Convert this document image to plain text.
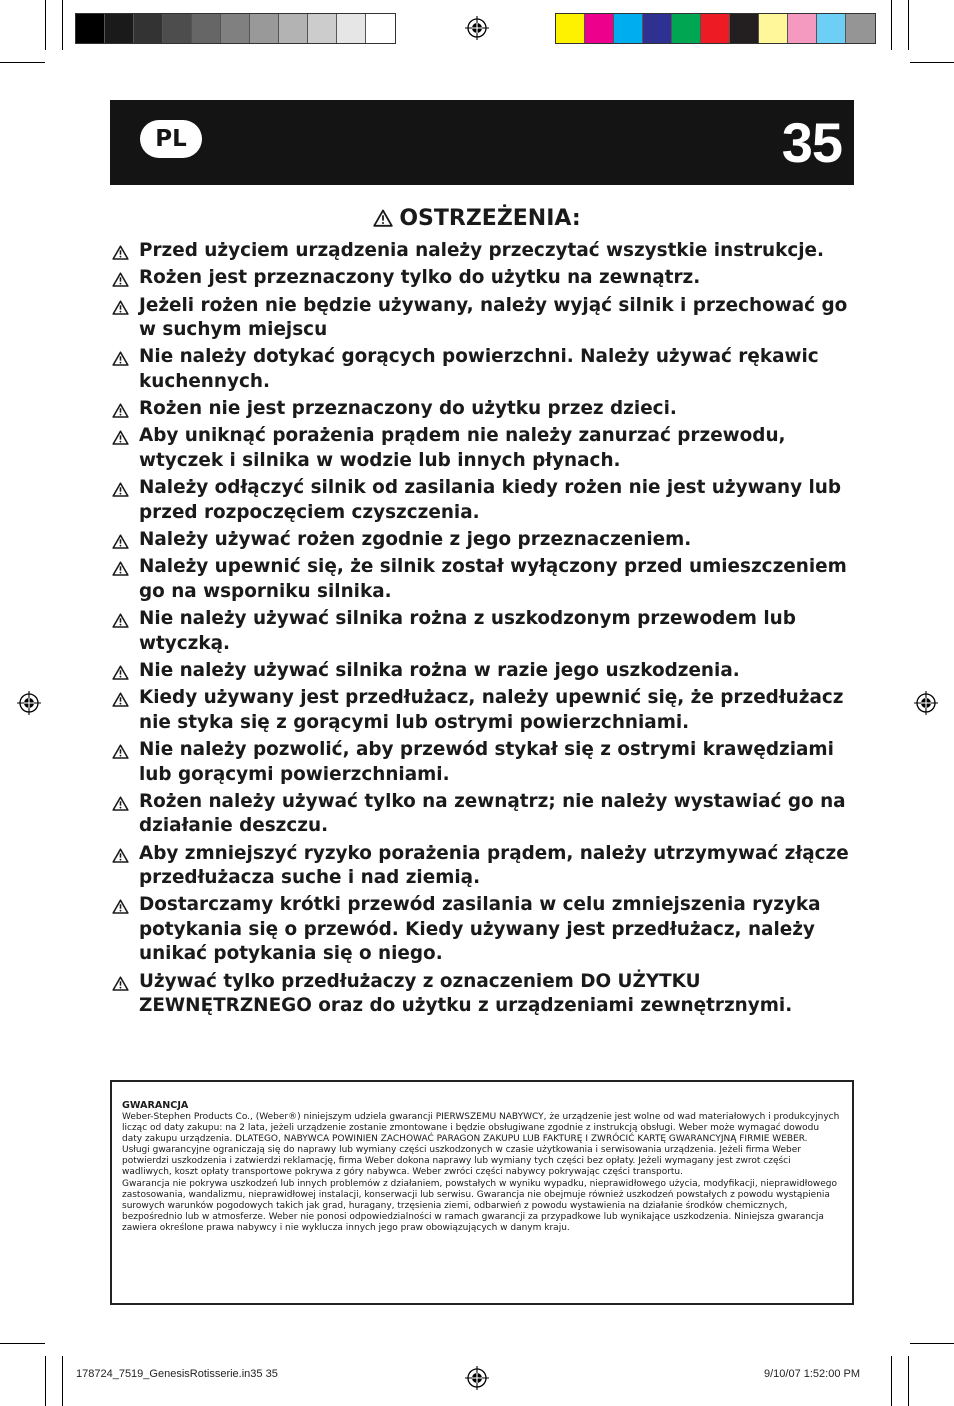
PL	35
OSTRZEŻENIA:
Przed użyciem urządzenia należy przeczytać wszystkie instrukcje.
Rożen jest przeznaczony tylko do użytku na zewnątrz.
Jeżeli rożen nie będzie używany, należy wyjąć silnik i przechować go w suchym miejscu
Nie należy dotykać gorących powierzchni. Należy używać rękawic kuchennych.
Rożen nie jest przeznaczony do użytku przez dzieci.
Aby uniknąć porażenia prądem nie należy zanurzać przewodu, wtyczek i silnika w wodzie lub innych płynach.
Należy odłączyć silnik od zasilania kiedy rożen nie jest używany lub przed rozpoczęciem czyszczenia.
Należy używać rożen zgodnie z jego przeznaczeniem.
Należy upewnić się, że silnik został wyłączony przed umieszczeniem go na wsporniku silnika.
Nie należy używać silnika rożna z uszkodzonym przewodem lub wtyczką.
Nie należy używać silnika rożna w razie jego uszkodzenia.
Kiedy używany jest przedłużacz, należy upewnić się, że przedłużacz nie styka się z gorącymi lub ostrymi powierzchniami.
Nie należy pozwolić, aby przewód stykał się z ostrymi krawędziami lub gorącymi powierzchniami.
Rożen należy używać tylko na zewnątrz; nie należy wystawiać go na działanie deszczu.
Aby zmniejszyć ryzyko porażenia prądem, należy utrzymywać złącze przedłużacza suche i nad ziemią.
Dostarczamy krótki przewód zasilania w celu zmniejszenia ryzyka potykania się o przewód. Kiedy używany jest przedłużacz, należy unikać potykania się o niego.
Używać tylko przedłużaczy z oznaczeniem DO UŻYTKU ZEWNĘTRZNEGO oraz do użytku z urządzeniami zewnętrznymi.
GWARANCJA

Weber-Stephen Products Co., (Weber®) niniejszym udziela gwarancji PIERWSZEMU NABYWCY, że urządzenie jest wolne od wad materiałowych i produkcyjnych licząc od daty zakupu: na 2 lata, jeżeli urządzenie zostanie zmontowane i będzie obsługiwane zgodnie z instrukcją obsługi. Weber może wymagać dowodu daty zakupu urządzenia. DLATEGO, NABYWCA POWINIEN ZACHOWAĆ PARAGON ZAKUPU LUB FAKTURĘ I ZWRÓCIĆ KARTĘ GWARANCYJNĄ FIRMIE WEBER.

Usługi gwarancyjne ograniczają się do naprawy lub wymiany części uszkodzonych w czasie użytkowania i serwisowania urządzenia. Jeżeli firma Weber potwierdzi uszkodzenia i zatwierdzi reklamację, firma Weber dokona naprawy lub wymiany tych części bez opłaty. Jeżeli wymagany jest zwrot części wadliwych, koszt opłaty transportowe pokrywa z góry nabywca. Weber zwróci części nabywcy pokrywając części transportu.

Gwarancja nie pokrywa uszkodzeń lub innych problemów z działaniem, powstałych w wyniku wypadku, nieprawidłowego użycia, modyfikacji, nieprawidłowego zastosowania, wandalizmu, nieprawidłowej instalacji, konserwacji lub serwisu. Gwarancja nie obejmuje również uszkodzeń powstałych z powodu wystąpienia surowych warunków pogodowych takich jak grad, huragany, trzęsienia ziemi, odbarwień z powodu wystawienia na działanie środków chemicznych, bezpośrednio lub w atmosferze. Weber nie ponosi odpowiedzialności w ramach gwarancji za przypadkowe lub wynikające uszkodzenia. Niniejsza gwarancja zawiera określone prawa nabywcy i nie wyklucza innych jego praw obowiązujących w danym kraju.

178724_7519_GenesisRotisserie.in35 35	9/10/07 1:52:00 PM
